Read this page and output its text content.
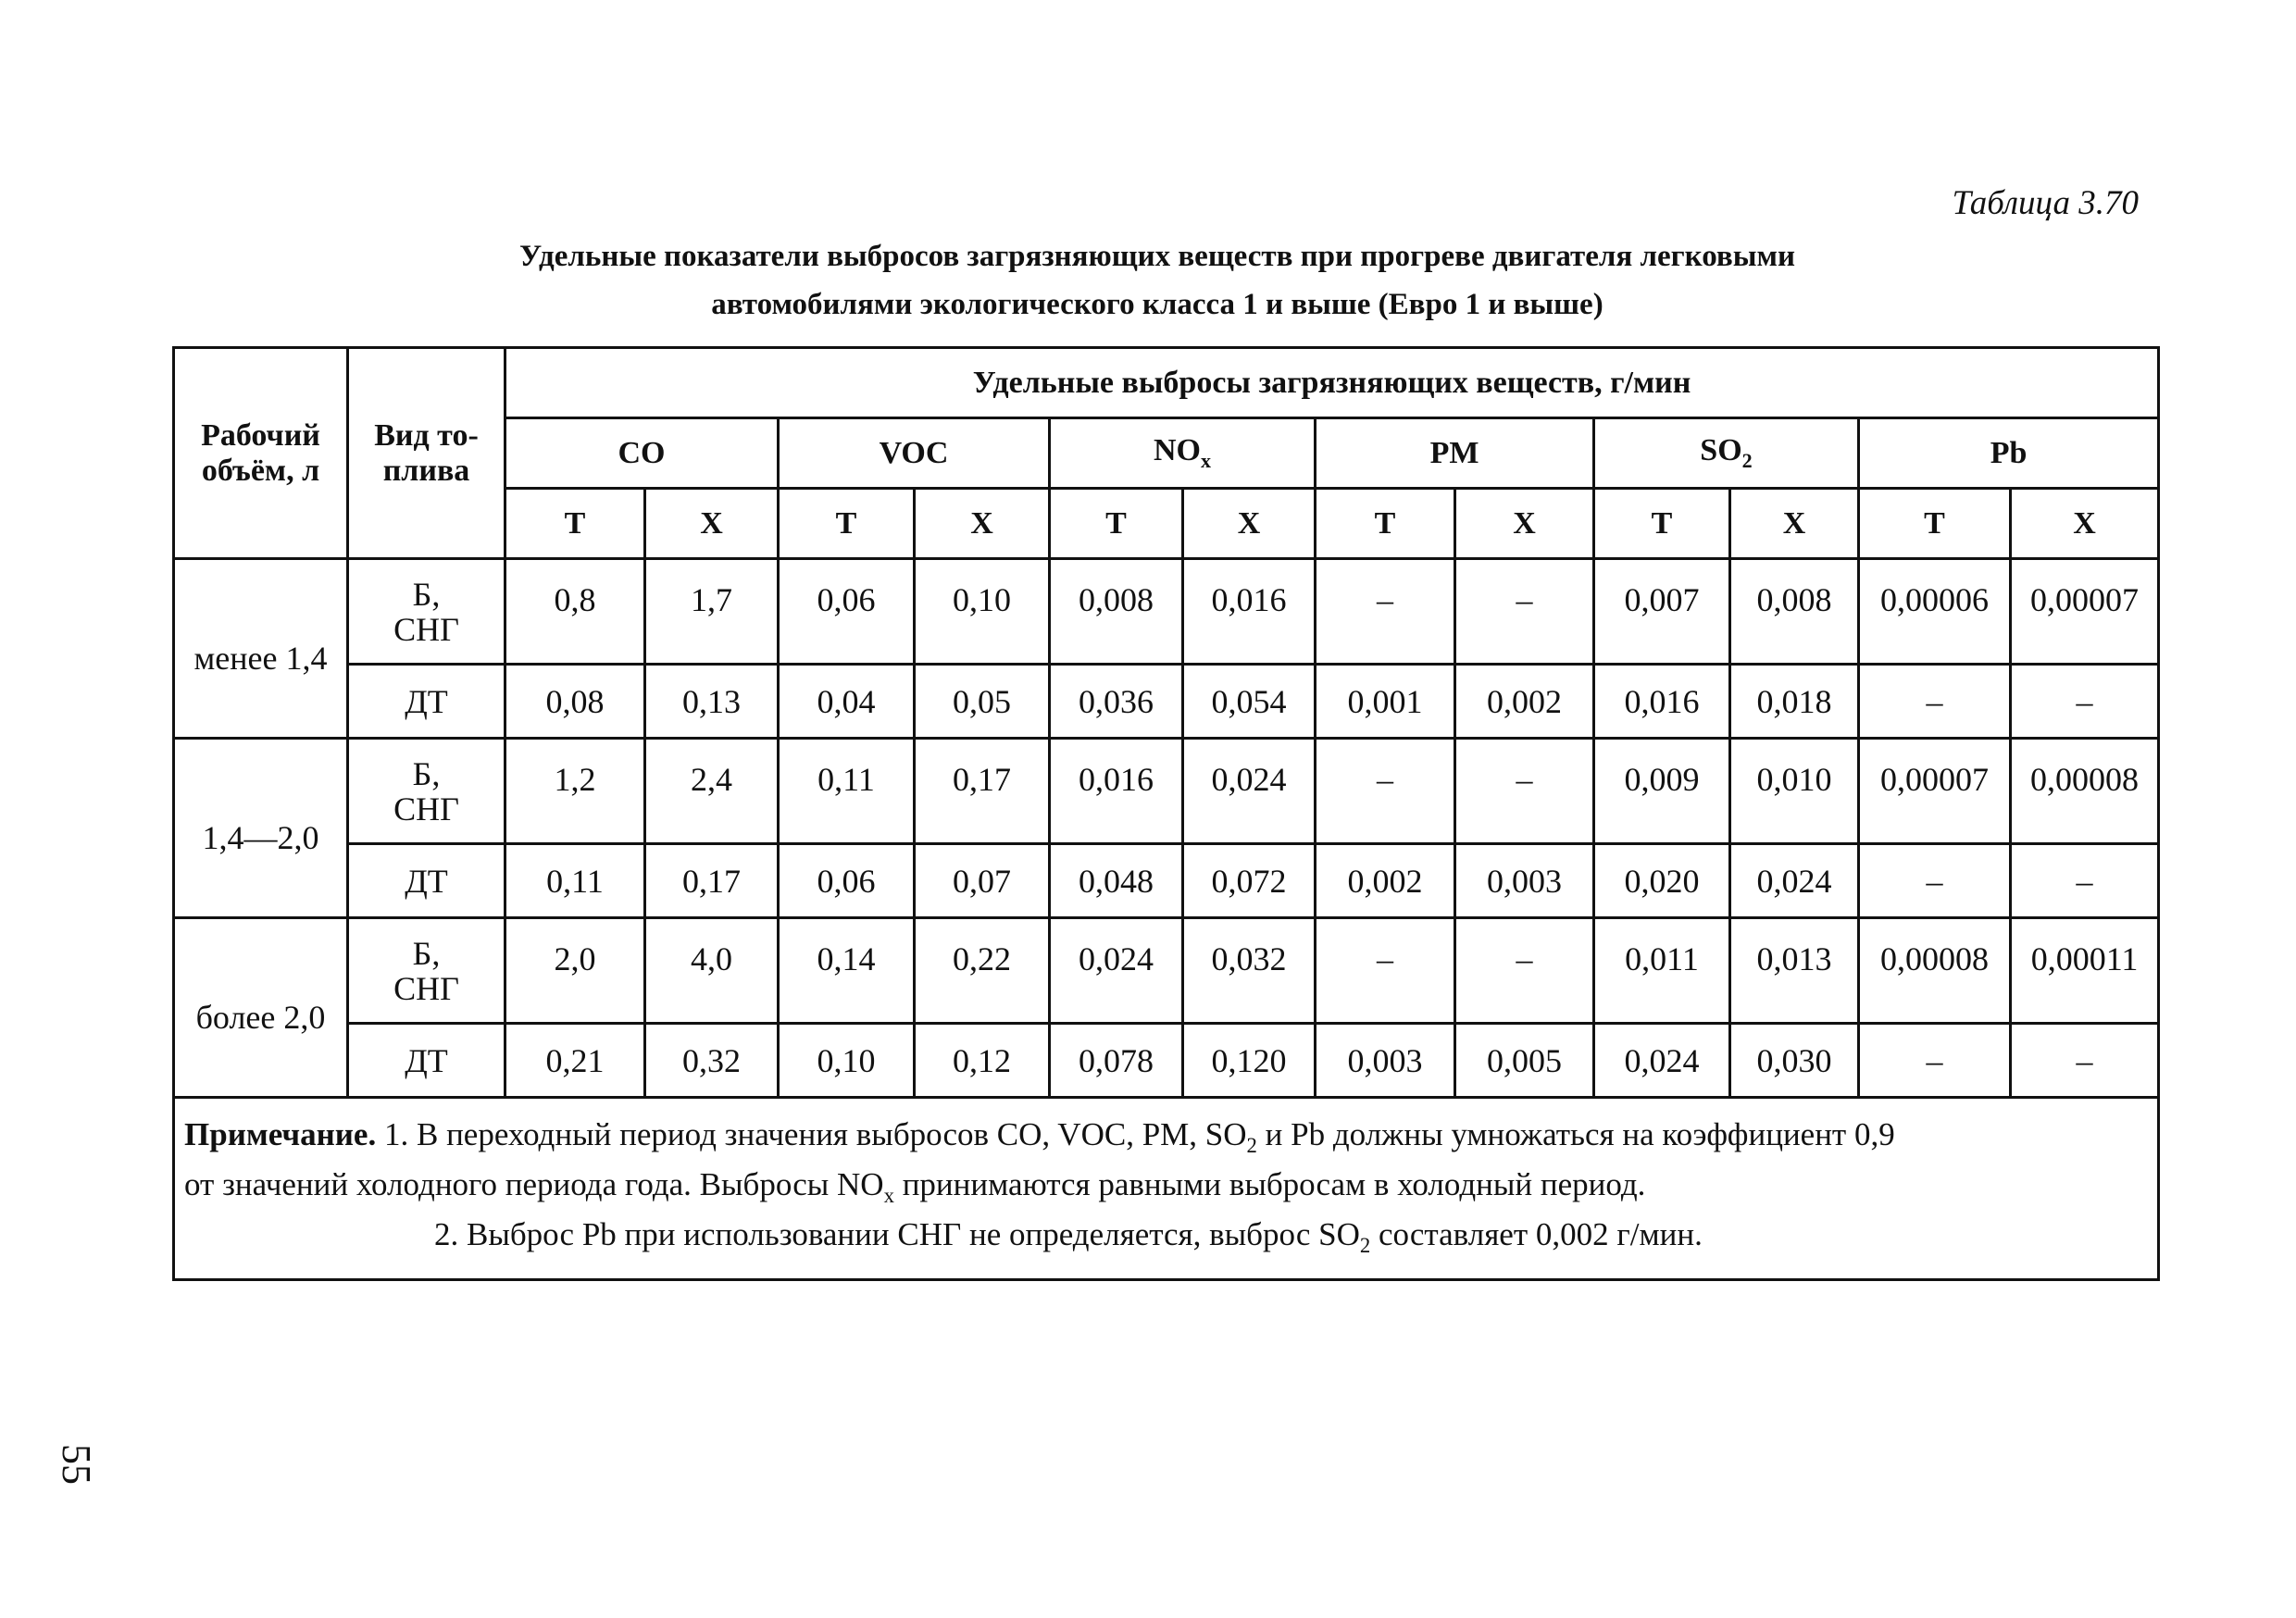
Таблица 3.70
Удельные показатели выбросов загрязняющих веществ при прогреве двигателя легковыми
автомобилями экологического класса 1 и выше (Евро 1 и выше)
Рабочий объём, л	Вид то-плива	Удельные выбросы загрязняющих веществ, г/мин											
		CO		VOC		$NO_x$		PM		$SO_2$		Pb	
		Т	Х	Т	Х	Т	Х	Т	Х	Т	Х	Т	Х
менее 1,4	Б, СНГ	0,8	1,7	0,06	0,10	0,008	0,016	–	–	0,007	0,008	0,00006	0,00007
	ДТ	0,08	0,13	0,04	0,05	0,036	0,054	0,001	0,002	0,016	0,018	–	–
1,4—2,0	Б, СНГ	1,2	2,4	0,11	0,17	0,016	0,024	–	–	0,009	0,010	0,00007	0,00008
	ДТ	0,11	0,17	0,06	0,07	0,048	0,072	0,002	0,003	0,020	0,024	–	–
более 2,0	Б, СНГ	2,0	4,0	0,14	0,22	0,024	0,032	–	–	0,011	0,013	0,00008	0,00011
	ДТ	0,21	0,32	0,10	0,12	0,078	0,120	0,003	0,005	0,024	0,030	–	–

Примечание. 1. В переходный период значения выбросов CO, VOC, PM, $SO_2$ и Pb должны умножаться на коэффициент 0,9
от значений холодного периода года. Выбросы $NO_x$ принимаются равными выбросам в холодный период.
2. Выброс Pb при использовании СНГ не определяется, выброс $SO_2$ составляет 0,002 г/мин.													
55
